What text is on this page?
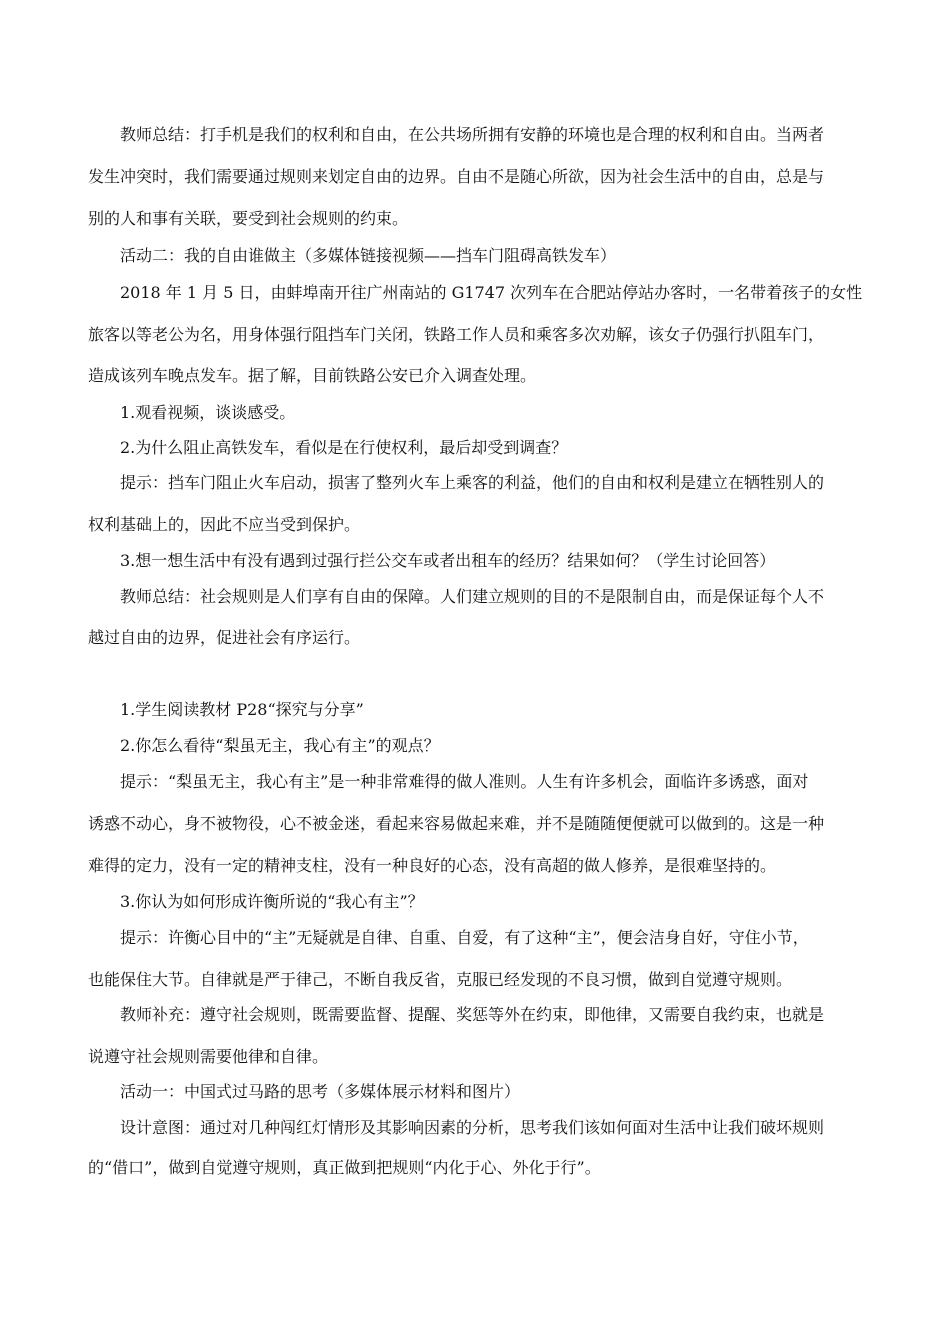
教师总结：打手机是我们的权利和自由，在公共场所拥有安静的环境也是合理的权利和自由。当两者
发生冲突时，我们需要通过规则来划定自由的边界。自由不是随心所欲，因为社会生活中的自由，总是与
别的人和事有关联，要受到社会规则的约束。
活动二：我的自由谁做主（多媒体链接视频——挡车门阻碍高铁发车）
2018 年 1 月 5 日，由蚌埠南开往广州南站的 G1747 次列车在合肥站停站办客时，一名带着孩子的女性
旅客以等老公为名，用身体强行阻挡车门关闭，铁路工作人员和乘客多次劝解，该女子仍强行扒阻车门，
造成该列车晚点发车。据了解，目前铁路公安已介入调查处理。
1.观看视频，谈谈感受。
2.为什么阻止高铁发车，看似是在行使权利，最后却受到调查？
提示：挡车门阻止火车启动，损害了整列火车上乘客的利益，他们的自由和权利是建立在牺牲别人的
权利基础上的，因此不应当受到保护。
3.想一想生活中有没有遇到过强行拦公交车或者出租车的经历？结果如何？（学生讨论回答）
教师总结：社会规则是人们享有自由的保障。人们建立规则的目的不是限制自由，而是保证每个人不
越过自由的边界，促进社会有序运行。
1.学生阅读教材 P28“探究与分享”
2.你怎么看待“梨虽无主，我心有主”的观点？
提示：“梨虽无主，我心有主”是一种非常难得的做人准则。人生有许多机会，面临许多诱惑，面对
诱惑不动心，身不被物役，心不被金迷，看起来容易做起来难，并不是随随便便就可以做到的。这是一种
难得的定力，没有一定的精神支柱，没有一种良好的心态，没有高超的做人修养，是很难坚持的。
3.你认为如何形成许衡所说的“我心有主”？
提示：许衡心目中的“主”无疑就是自律、自重、自爱，有了这种“主”，便会洁身自好，守住小节，
也能保住大节。自律就是严于律己，不断自我反省，克服已经发现的不良习惯，做到自觉遵守规则。
教师补充：遵守社会规则，既需要监督、提醒、奖惩等外在约束，即他律，又需要自我约束，也就是
说遵守社会规则需要他律和自律。
活动一：中国式过马路的思考（多媒体展示材料和图片）
设计意图：通过对几种闯红灯情形及其影响因素的分析，思考我们该如何面对生活中让我们破坏规则
的“借口”，做到自觉遵守规则，真正做到把规则“内化于心、外化于行”。
